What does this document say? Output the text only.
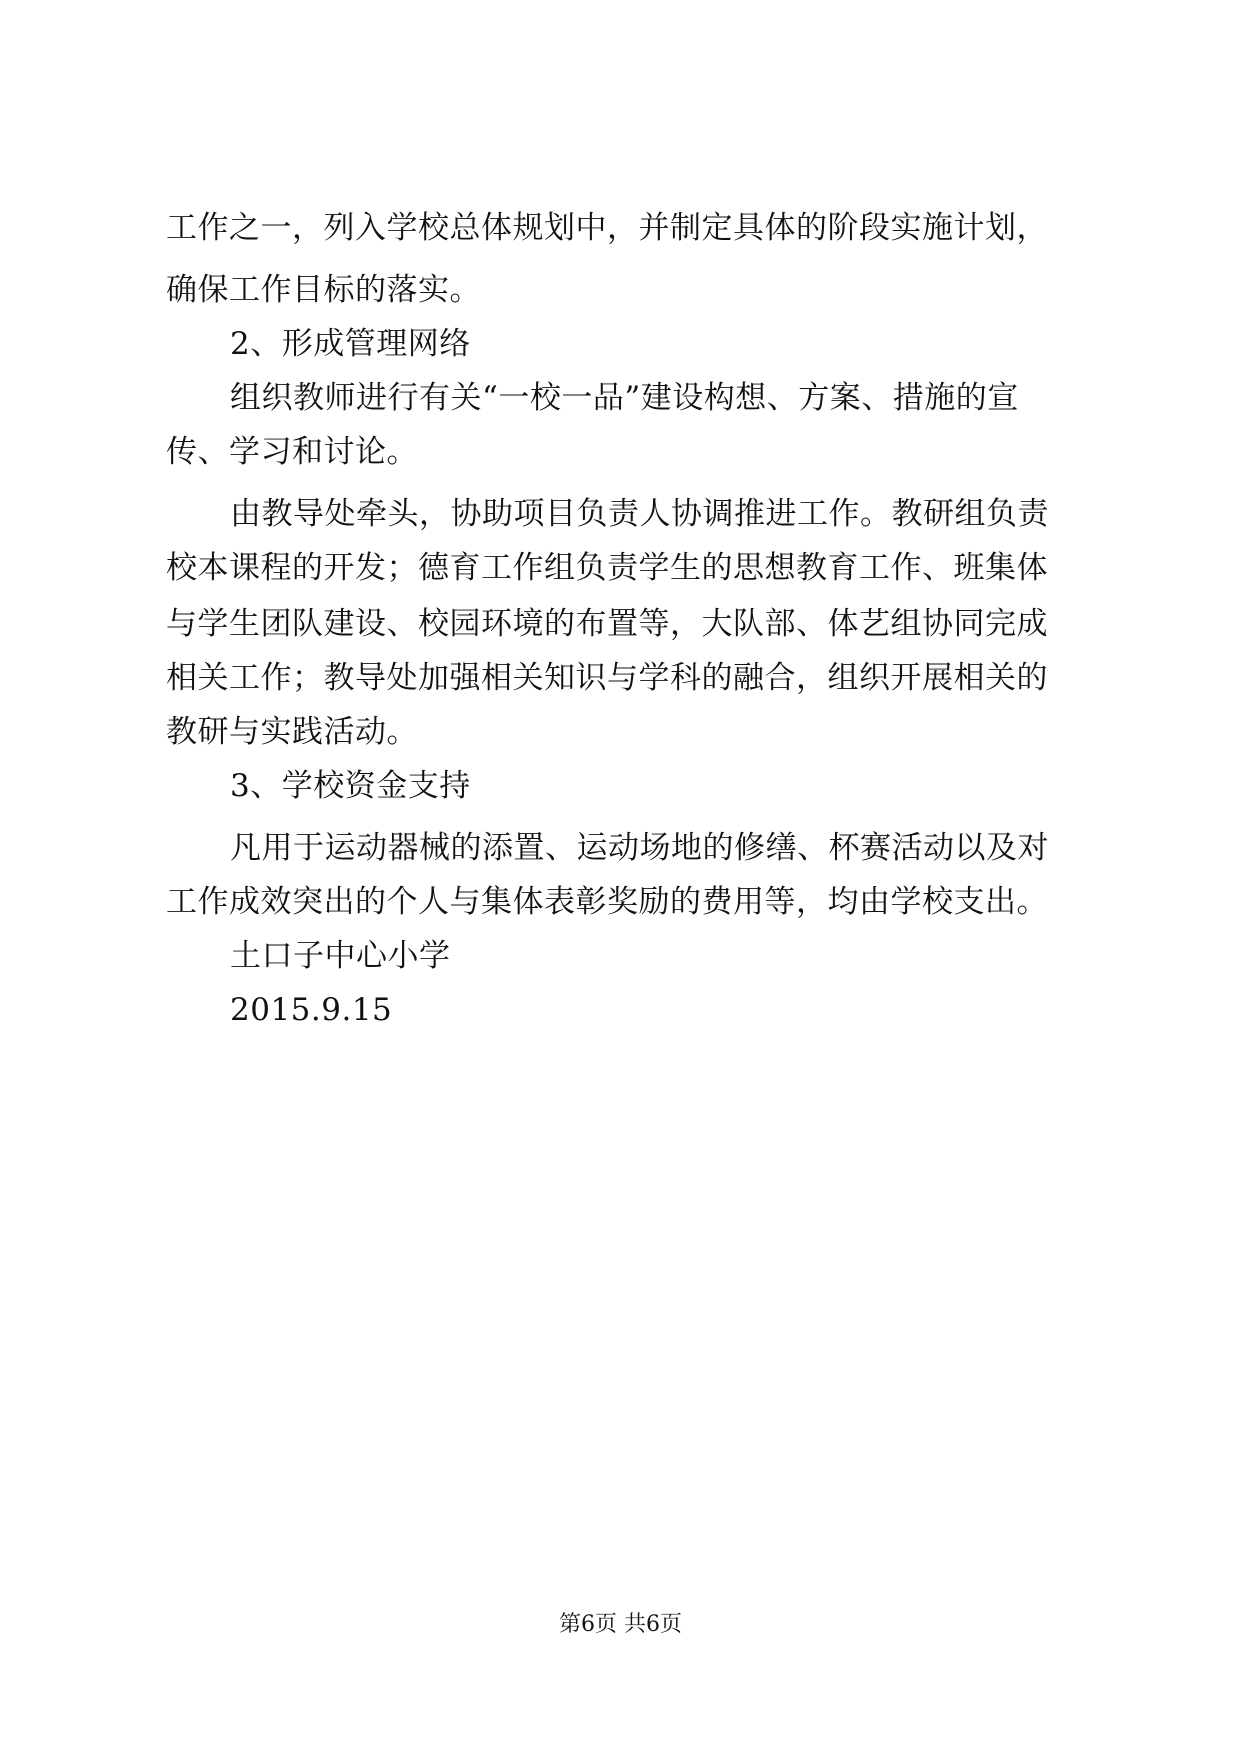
工作之一，列入学校总体规划中，并制定具体的阶段实施计划，
确保工作目标的落实。
2、形成管理网络
组织教师进行有关“一校一品”建设构想、方案、措施的宣
传、学习和讨论。
由教导处牵头，协助项目负责人协调推进工作。教研组负责
校本课程的开发；德育工作组负责学生的思想教育工作、班集体
与学生团队建设、校园环境的布置等，大队部、体艺组协同完成
相关工作；教导处加强相关知识与学科的融合，组织开展相关的
教研与实践活动。
3、学校资金支持
凡用于运动器械的添置、运动场地的修缮、杯赛活动以及对
工作成效突出的个人与集体表彰奖励的费用等，均由学校支出。
土口子中心小学
2015.9.15
第6页 共6页
